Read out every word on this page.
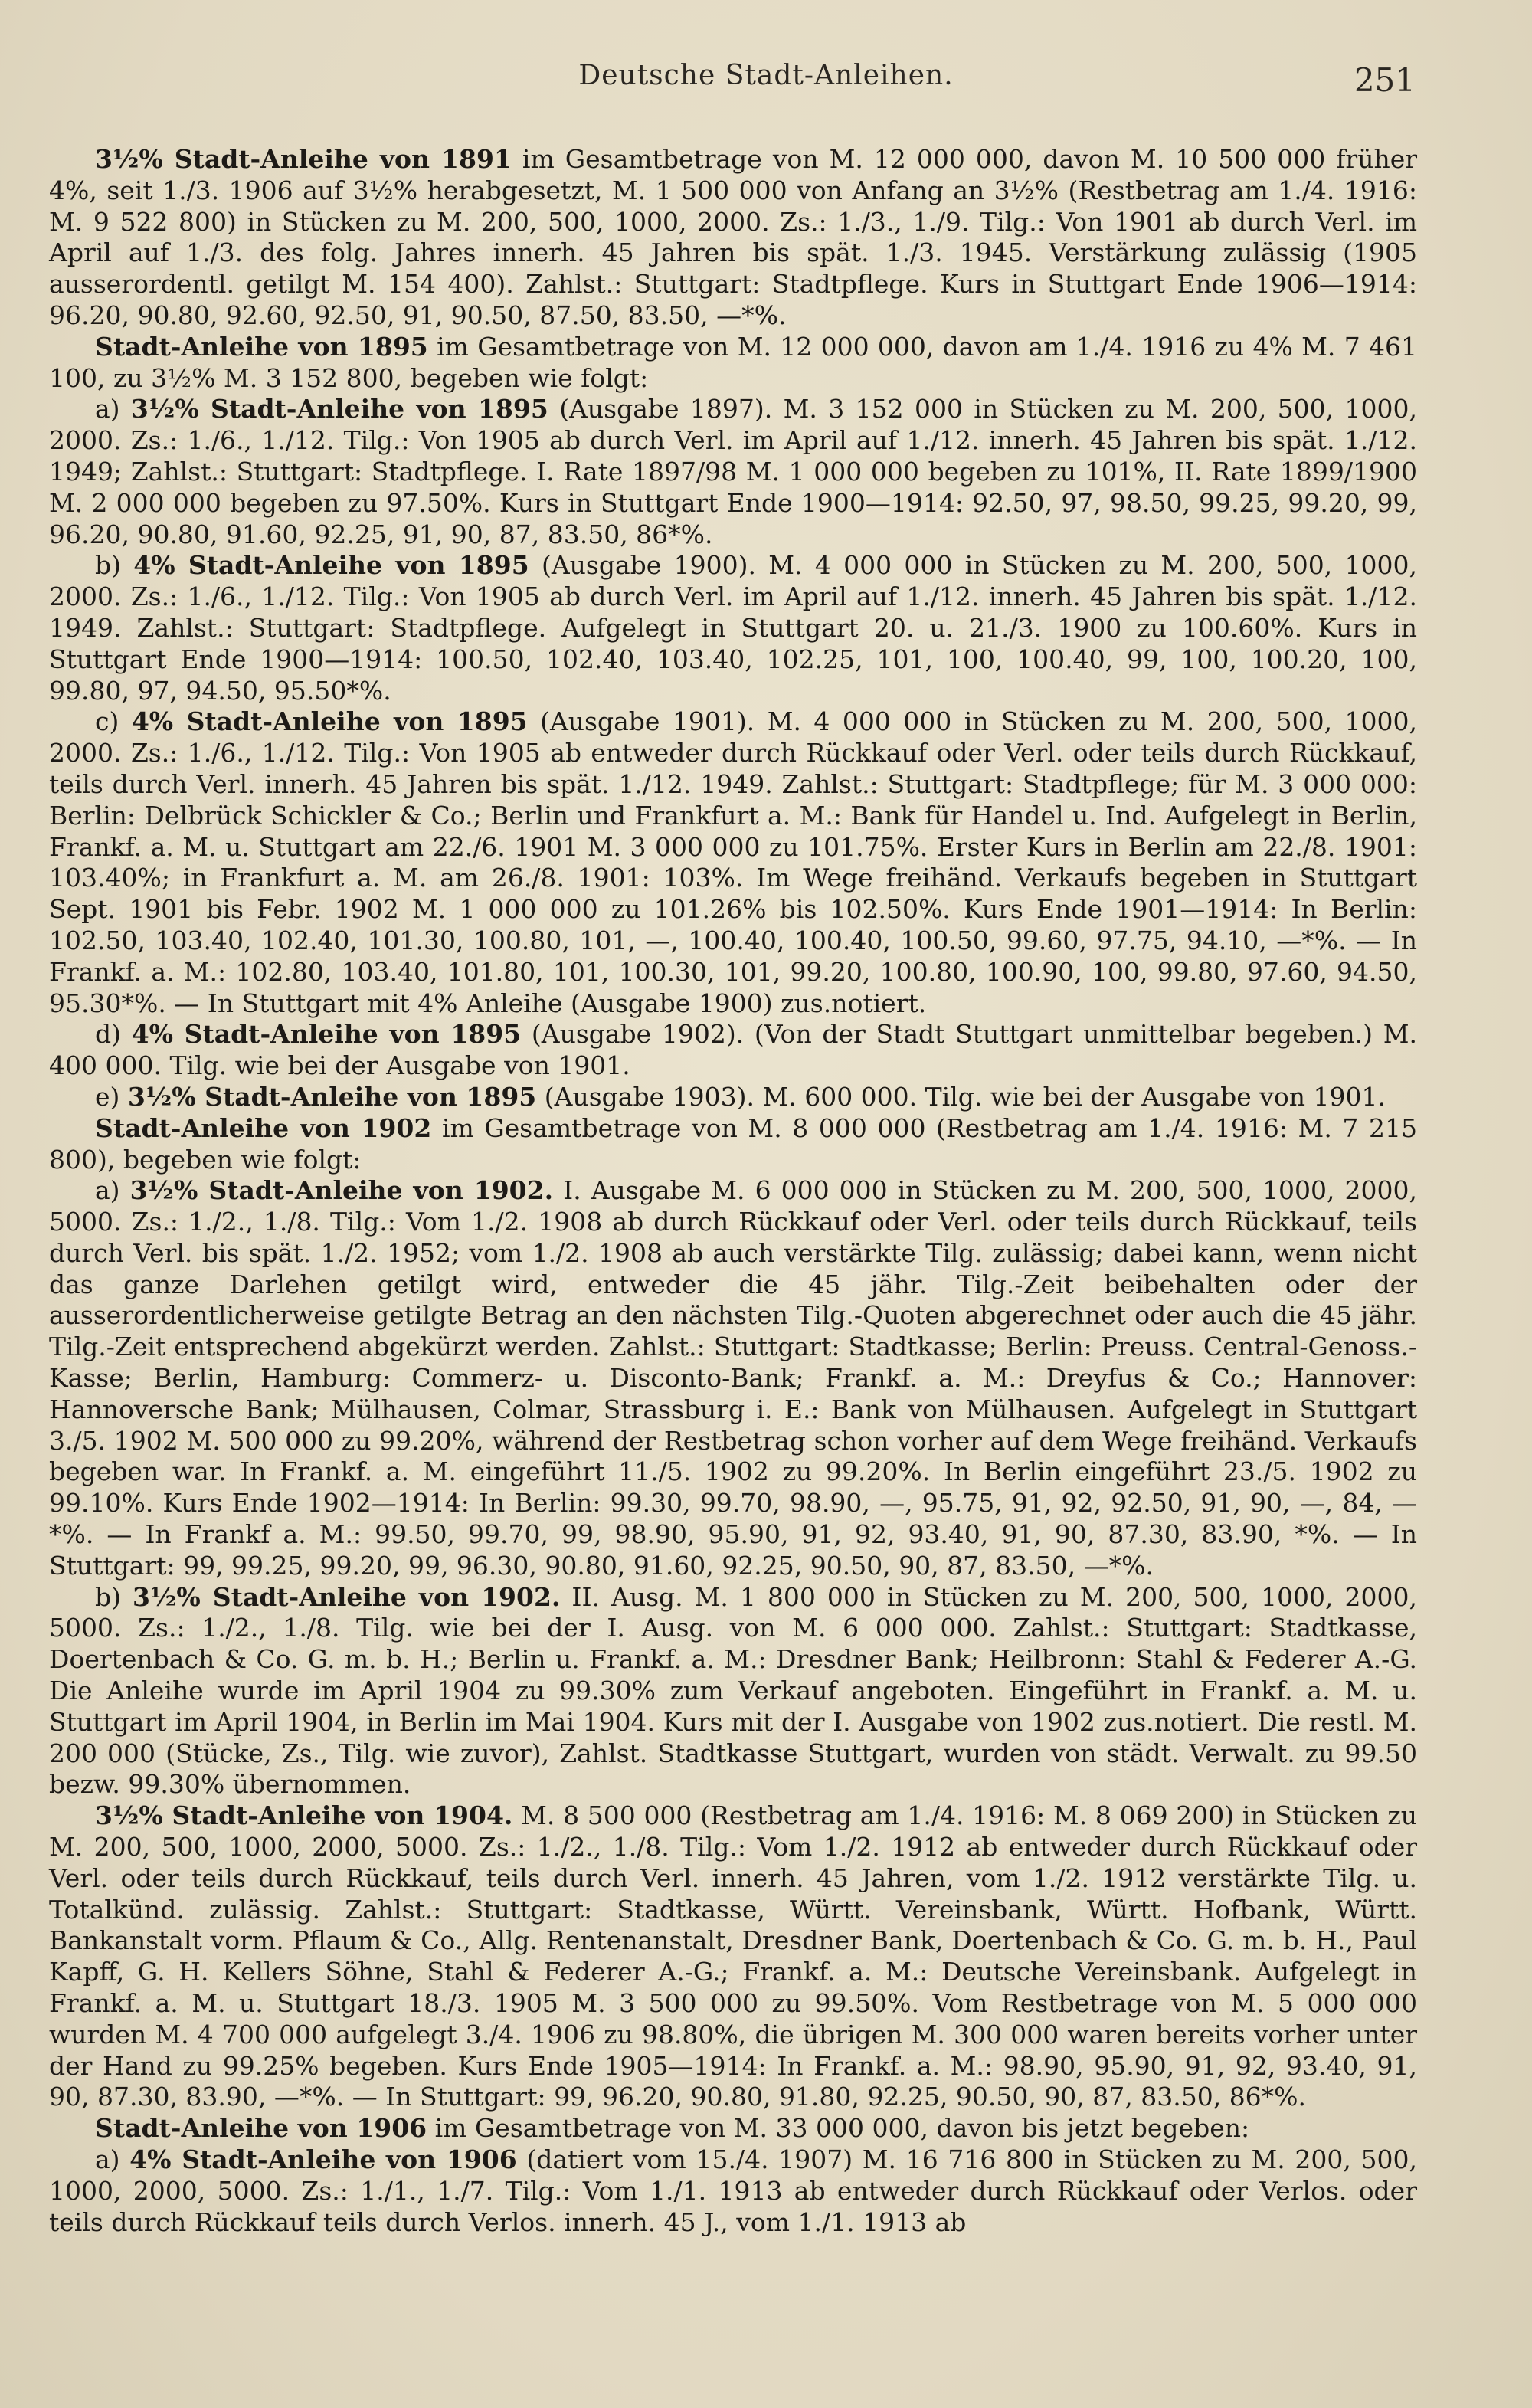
Deutsche Stadt-Anleihen.	251

3½% Stadt-Anleihe von 1891 im Gesamtbetrage von M. 12 000 000, davon M. 10 500 000 früher 4%, seit 1./3. 1906 auf 3½% herabgesetzt, M. 1 500 000 von Anfang an 3½% (Restbetrag am 1./4. 1916: M. 9 522 800) in Stücken zu M. 200, 500, 1000, 2000. Zs.: 1./3., 1./9. Tilg.: Von 1901 ab durch Verl. im April auf 1./3. des folg. Jahres innerh. 45 Jahren bis spät. 1./3. 1945. Verstärkung zulässig (1905 ausserordentl. getilgt M. 154 400). Zahlst.: Stuttgart: Stadtpflege. Kurs in Stuttgart Ende 1906—1914: 96.20, 90.80, 92.60, 92.50, 91, 90.50, 87.50, 83.50, —*%.

Stadt-Anleihe von 1895 im Gesamtbetrage von M. 12 000 000, davon am 1./4. 1916 zu 4% M. 7 461 100, zu 3½% M. 3 152 800, begeben wie folgt:

a) 3½% Stadt-Anleihe von 1895 (Ausgabe 1897). M. 3 152 000 in Stücken zu M. 200, 500, 1000, 2000. Zs.: 1./6., 1./12. Tilg.: Von 1905 ab durch Verl. im April auf 1./12. innerh. 45 Jahren bis spät. 1./12. 1949; Zahlst.: Stuttgart: Stadtpflege. I. Rate 1897/98 M. 1 000 000 begeben zu 101%, II. Rate 1899/1900 M. 2 000 000 begeben zu 97.50%. Kurs in Stuttgart Ende 1900—1914: 92.50, 97, 98.50, 99.25, 99.20, 99, 96.20, 90.80, 91.60, 92.25, 91, 90, 87, 83.50, 86*%.

b) 4% Stadt-Anleihe von 1895 (Ausgabe 1900). M. 4 000 000 in Stücken zu M. 200, 500, 1000, 2000. Zs.: 1./6., 1./12. Tilg.: Von 1905 ab durch Verl. im April auf 1./12. innerh. 45 Jahren bis spät. 1./12. 1949. Zahlst.: Stuttgart: Stadtpflege. Aufgelegt in Stuttgart 20. u. 21./3. 1900 zu 100.60%. Kurs in Stuttgart Ende 1900—1914: 100.50, 102.40, 103.40, 102.25, 101, 100, 100.40, 99, 100, 100.20, 100, 99.80, 97, 94.50, 95.50*%.

c) 4% Stadt-Anleihe von 1895 (Ausgabe 1901). M. 4 000 000 in Stücken zu M. 200, 500, 1000, 2000. Zs.: 1./6., 1./12. Tilg.: Von 1905 ab entweder durch Rückkauf oder Verl. oder teils durch Rückkauf, teils durch Verl. innerh. 45 Jahren bis spät. 1./12. 1949. Zahlst.: Stuttgart: Stadtpflege; für M. 3 000 000: Berlin: Delbrück Schickler & Co.; Berlin und Frankfurt a. M.: Bank für Handel u. Ind. Aufgelegt in Berlin, Frankf. a. M. u. Stuttgart am 22./6. 1901 M. 3 000 000 zu 101.75%. Erster Kurs in Berlin am 22./8. 1901: 103.40%; in Frankfurt a. M. am 26./8. 1901: 103%. Im Wege freihänd. Verkaufs begeben in Stuttgart Sept. 1901 bis Febr. 1902 M. 1 000 000 zu 101.26% bis 102.50%. Kurs Ende 1901—1914: In Berlin: 102.50, 103.40, 102.40, 101.30, 100.80, 101, —, 100.40, 100.40, 100.50, 99.60, 97.75, 94.10, —*%. — In Frankf. a. M.: 102.80, 103.40, 101.80, 101, 100.30, 101, 99.20, 100.80, 100.90, 100, 99.80, 97.60, 94.50, 95.30*%. — In Stuttgart mit 4% Anleihe (Ausgabe 1900) zus.notiert.

d) 4% Stadt-Anleihe von 1895 (Ausgabe 1902). (Von der Stadt Stuttgart unmittelbar begeben.) M. 400 000. Tilg. wie bei der Ausgabe von 1901.

e) 3½% Stadt-Anleihe von 1895 (Ausgabe 1903). M. 600 000. Tilg. wie bei der Ausgabe von 1901.

Stadt-Anleihe von 1902 im Gesamtbetrage von M. 8 000 000 (Restbetrag am 1./4. 1916: M. 7 215 800), begeben wie folgt:

a) 3½% Stadt-Anleihe von 1902. I. Ausgabe M. 6 000 000 in Stücken zu M. 200, 500, 1000, 2000, 5000. Zs.: 1./2., 1./8. Tilg.: Vom 1./2. 1908 ab durch Rückkauf oder Verl. oder teils durch Rückkauf, teils durch Verl. bis spät. 1./2. 1952; vom 1./2. 1908 ab auch verstärkte Tilg. zulässig; dabei kann, wenn nicht das ganze Darlehen getilgt wird, entweder die 45 jähr. Tilg.-Zeit beibehalten oder der ausserordentlicherweise getilgte Betrag an den nächsten Tilg.-Quoten abgerechnet oder auch die 45 jähr. Tilg.-Zeit entsprechend abgekürzt werden. Zahlst.: Stuttgart: Stadtkasse; Berlin: Preuss. Central-Genoss.-Kasse; Berlin, Hamburg: Commerz- u. Disconto-Bank; Frankf. a. M.: Dreyfus & Co.; Hannover: Hannoversche Bank; Mülhausen, Colmar, Strassburg i. E.: Bank von Mülhausen. Aufgelegt in Stuttgart 3./5. 1902 M. 500 000 zu 99.20%, während der Restbetrag schon vorher auf dem Wege freihänd. Verkaufs begeben war. In Frankf. a. M. eingeführt 11./5. 1902 zu 99.20%. In Berlin eingeführt 23./5. 1902 zu 99.10%. Kurs Ende 1902—1914: In Berlin: 99.30, 99.70, 98.90, —, 95.75, 91, 92, 92.50, 91, 90, —, 84, —*%. — In Frankf a. M.: 99.50, 99.70, 99, 98.90, 95.90, 91, 92, 93.40, 91, 90, 87.30, 83.90, *%. — In Stuttgart: 99, 99.25, 99.20, 99, 96.30, 90.80, 91.60, 92.25, 90.50, 90, 87, 83.50, —*%.

b) 3½% Stadt-Anleihe von 1902. II. Ausg. M. 1 800 000 in Stücken zu M. 200, 500, 1000, 2000, 5000. Zs.: 1./2., 1./8. Tilg. wie bei der I. Ausg. von M. 6 000 000. Zahlst.: Stuttgart: Stadtkasse, Doertenbach & Co. G. m. b. H.; Berlin u. Frankf. a. M.: Dresdner Bank; Heilbronn: Stahl & Federer A.-G. Die Anleihe wurde im April 1904 zu 99.30% zum Verkauf angeboten. Eingeführt in Frankf. a. M. u. Stuttgart im April 1904, in Berlin im Mai 1904. Kurs mit der I. Ausgabe von 1902 zus.notiert. Die restl. M. 200 000 (Stücke, Zs., Tilg. wie zuvor), Zahlst. Stadtkasse Stuttgart, wurden von städt. Verwalt. zu 99.50 bezw. 99.30% übernommen.

3½% Stadt-Anleihe von 1904. M. 8 500 000 (Restbetrag am 1./4. 1916: M. 8 069 200) in Stücken zu M. 200, 500, 1000, 2000, 5000. Zs.: 1./2., 1./8. Tilg.: Vom 1./2. 1912 ab entweder durch Rückkauf oder Verl. oder teils durch Rückkauf, teils durch Verl. innerh. 45 Jahren, vom 1./2. 1912 verstärkte Tilg. u. Totalkünd. zulässig. Zahlst.: Stuttgart: Stadtkasse, Württ. Vereinsbank, Württ. Hofbank, Württ. Bankanstalt vorm. Pflaum & Co., Allg. Rentenanstalt, Dresdner Bank, Doertenbach & Co. G. m. b. H., Paul Kapff, G. H. Kellers Söhne, Stahl & Federer A.-G.; Frankf. a. M.: Deutsche Vereinsbank. Aufgelegt in Frankf. a. M. u. Stuttgart 18./3. 1905 M. 3 500 000 zu 99.50%. Vom Restbetrage von M. 5 000 000 wurden M. 4 700 000 aufgelegt 3./4. 1906 zu 98.80%, die übrigen M. 300 000 waren bereits vorher unter der Hand zu 99.25% begeben. Kurs Ende 1905—1914: In Frankf. a. M.: 98.90, 95.90, 91, 92, 93.40, 91, 90, 87.30, 83.90, —*%. — In Stuttgart: 99, 96.20, 90.80, 91.80, 92.25, 90.50, 90, 87, 83.50, 86*%.

Stadt-Anleihe von 1906 im Gesamtbetrage von M. 33 000 000, davon bis jetzt begeben:

a) 4% Stadt-Anleihe von 1906 (datiert vom 15./4. 1907) M. 16 716 800 in Stücken zu M. 200, 500, 1000, 2000, 5000. Zs.: 1./1., 1./7. Tilg.: Vom 1./1. 1913 ab entweder durch Rückkauf oder Verlos. oder teils durch Rückkauf teils durch Verlos. innerh. 45 J., vom 1./1. 1913 ab
